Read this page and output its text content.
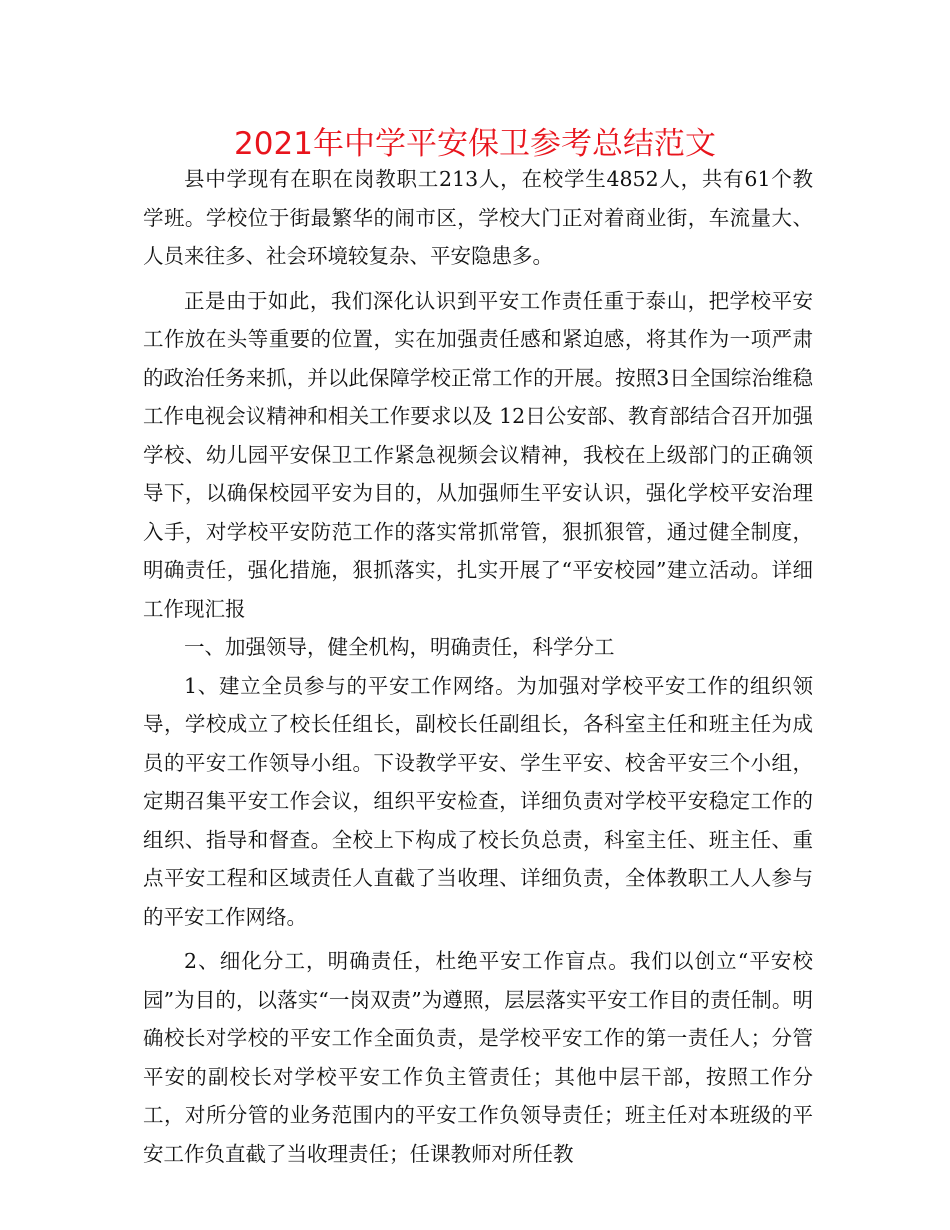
2021年中学平安保卫参考总结范文

县中学现有在职在岗教职工213人，在校学生4852人，共有61个教学班。学校位于街最繁华的闹市区，学校大门正对着商业街，车流量大、人员来往多、社会环境较复杂、平安隐患多。

正是由于如此，我们深化认识到平安工作责任重于泰山，把学校平安工作放在头等重要的位置，实在加强责任感和紧迫感，将其作为一项严肃的政治任务来抓，并以此保障学校正常工作的开展。按照3日全国综治维稳工作电视会议精神和相关工作要求以及 12日公安部、教育部结合召开加强学校、幼儿园平安保卫工作紧急视频会议精神，我校在上级部门的正确领导下，以确保校园平安为目的，从加强师生平安认识，强化学校平安治理入手，对学校平安防范工作的落实常抓常管，狠抓狠管，通过健全制度，明确责任，强化措施，狠抓落实，扎实开展了“平安校园”建立活动。详细工作现汇报

一、加强领导，健全机构，明确责任，科学分工

1、建立全员参与的平安工作网络。为加强对学校平安工作的组织领导，学校成立了校长任组长，副校长任副组长，各科室主任和班主任为成员的平安工作领导小组。下设教学平安、学生平安、校舍平安三个小组，定期召集平安工作会议，组织平安检查，详细负责对学校平安稳定工作的组织、指导和督查。全校上下构成了校长负总责，科室主任、班主任、重点平安工程和区域责任人直截了当收理、详细负责，全体教职工人人参与的平安工作网络。

2、细化分工，明确责任，杜绝平安工作盲点。我们以创立“平安校园”为目的，以落实“一岗双责”为遵照，层层落实平安工作目的责任制。明确校长对学校的平安工作全面负责，是学校平安工作的第一责任人；分管平安的副校长对学校平安工作负主管责任；其他中层干部，按照工作分工，对所分管的业务范围内的平安工作负领导责任；班主任对本班级的平安工作负直截了当收理责任；任课教师对所任教
